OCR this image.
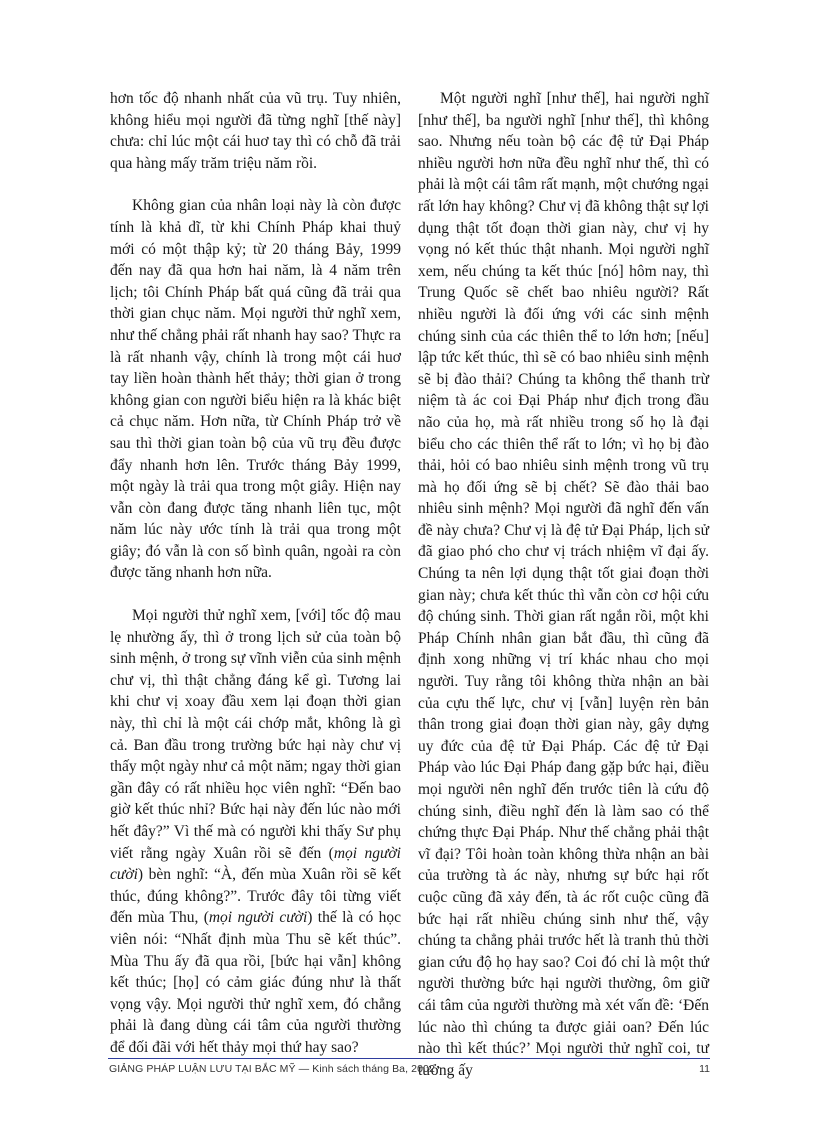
hơn tốc độ nhanh nhất của vũ trụ. Tuy nhiên, không hiểu mọi người đã từng nghĩ [thế này] chưa: chỉ lúc một cái huơ tay thì có chỗ đã trải qua hàng mấy trăm triệu năm rồi.

Không gian của nhân loại này là còn được tính là khả dĩ, từ khi Chính Pháp khai thuỷ mới có một thập kỷ; từ 20 tháng Bảy, 1999 đến nay đã qua hơn hai năm, là 4 năm trên lịch; tôi Chính Pháp bất quá cũng đã trải qua thời gian chục năm. Mọi người thử nghĩ xem, như thế chẳng phải rất nhanh hay sao? Thực ra là rất nhanh vậy, chính là trong một cái huơ tay liền hoàn thành hết thảy; thời gian ở trong không gian con người biểu hiện ra là khác biệt cả chục năm. Hơn nữa, từ Chính Pháp trở về sau thì thời gian toàn bộ của vũ trụ đều được đẩy nhanh hơn lên. Trước tháng Bảy 1999, một ngày là trải qua trong một giây. Hiện nay vẫn còn đang được tăng nhanh liên tục, một năm lúc này ước tính là trải qua trong một giây; đó vẫn là con số bình quân, ngoài ra còn được tăng nhanh hơn nữa.

Mọi người thử nghĩ xem, [với] tốc độ mau lẹ nhường ấy, thì ở trong lịch sử của toàn bộ sinh mệnh, ở trong sự vĩnh viễn của sinh mệnh chư vị, thì thật chẳng đáng kể gì. Tương lai khi chư vị xoay đầu xem lại đoạn thời gian này, thì chỉ là một cái chớp mắt, không là gì cả. Ban đầu trong trường bức hại này chư vị thấy một ngày như cả một năm; ngay thời gian gần đây có rất nhiều học viên nghĩ: “Đến bao giờ kết thúc nhỉ? Bức hại này đến lúc nào mới hết đây?” Vì thế mà có người khi thấy Sư phụ viết rằng ngày Xuân rồi sẽ đến (mọi người cười) bèn nghĩ: “À, đến mùa Xuân rồi sẽ kết thúc, đúng không?”. Trước đây tôi từng viết đến mùa Thu, (mọi người cười) thế là có học viên nói: “Nhất định mùa Thu sẽ kết thúc”. Mùa Thu ấy đã qua rồi, [bức hại vẫn] không kết thúc; [họ] có cảm giác đúng như là thất vọng vậy. Mọi người thử nghĩ xem, đó chẳng phải là đang dùng cái tâm của người thường để đối đãi với hết thảy mọi thứ hay sao?

Một người nghĩ [như thế], hai người nghĩ [như thế], ba người nghĩ [như thế], thì không sao. Nhưng nếu toàn bộ các đệ tử Đại Pháp nhiều người hơn nữa đều nghĩ như thế, thì có phải là một cái tâm rất mạnh, một chướng ngại rất lớn hay không? Chư vị đã không thật sự lợi dụng thật tốt đoạn thời gian này, chư vị hy vọng nó kết thúc thật nhanh. Mọi người nghĩ xem, nếu chúng ta kết thúc [nó] hôm nay, thì Trung Quốc sẽ chết bao nhiêu người? Rất nhiều người là đối ứng với các sinh mệnh chúng sinh của các thiên thể to lớn hơn; [nếu] lập tức kết thúc, thì sẽ có bao nhiêu sinh mệnh sẽ bị đào thải? Chúng ta không thể thanh trừ niệm tà ác coi Đại Pháp như địch trong đầu não của họ, mà rất nhiều trong số họ là đại biểu cho các thiên thể rất to lớn; vì họ bị đào thải, hỏi có bao nhiêu sinh mệnh trong vũ trụ mà họ đối ứng sẽ bị chết? Sẽ đào thải bao nhiêu sinh mệnh? Mọi người đã nghĩ đến vấn đề này chưa? Chư vị là đệ tử Đại Pháp, lịch sử đã giao phó cho chư vị trách nhiệm vĩ đại ấy. Chúng ta nên lợi dụng thật tốt giai đoạn thời gian này; chưa kết thúc thì vẫn còn cơ hội cứu độ chúng sinh. Thời gian rất ngắn rồi, một khi Pháp Chính nhân gian bắt đầu, thì cũng đã định xong những vị trí khác nhau cho mọi người. Tuy rằng tôi không thừa nhận an bài của cựu thế lực, chư vị [vẫn] luyện rèn bản thân trong giai đoạn thời gian này, gây dựng uy đức của đệ tử Đại Pháp. Các đệ tử Đại Pháp vào lúc Đại Pháp đang gặp bức hại, điều mọi người nên nghĩ đến trước tiên là cứu độ chúng sinh, điều nghĩ đến là làm sao có thể chứng thực Đại Pháp. Như thế chẳng phải thật vĩ đại? Tôi hoàn toàn không thừa nhận an bài của trường tà ác này, nhưng sự bức hại rốt cuộc cũng đã xảy đến, tà ác rốt cuộc cũng đã bức hại rất nhiều chúng sinh như thế, vậy chúng ta chẳng phải trước hết là tranh thủ thời gian cứu độ họ hay sao? Coi đó chỉ là một thứ người thường bức hại người thường, ôm giữ cái tâm của người thường mà xét vấn đề: ‘Đến lúc nào thì chúng ta được giải oan? Đến lúc nào thì kết thúc?’ Mọi người thử nghĩ coi, tư tưởng ấy

GIẢNG PHÁP LUẬN LƯU TẠI BẮC MỸ — Kinh sách tháng Ba, 2002	11
